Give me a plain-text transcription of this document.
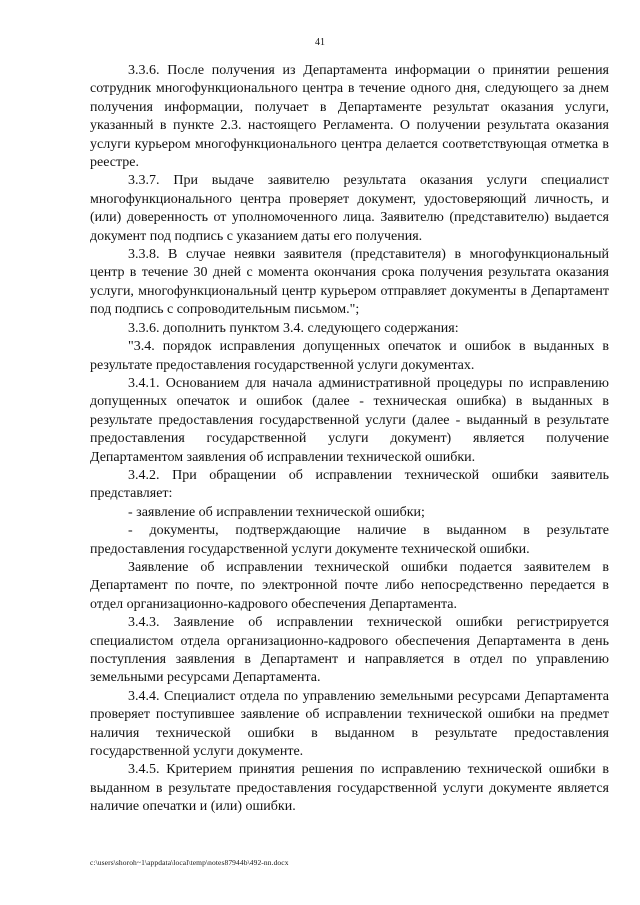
41

3.3.6. После получения из Департамента информации о принятии решения сотрудник многофункционального центра в течение одного дня, следующего за днем получения информации, получает в Департаменте результат оказания услуги, указанный в пункте 2.3. настоящего Регламента. О получении результата оказания услуги курьером многофункционального центра делается соответствующая отметка в реестре.

3.3.7. При выдаче заявителю результата оказания услуги специалист многофункционального центра проверяет документ, удостоверяющий личность, и (или) доверенность от уполномоченного лица. Заявителю (представителю) выдается документ под подпись с указанием даты его получения.

3.3.8. В случае неявки заявителя (представителя) в многофункциональный центр в течение 30 дней с момента окончания срока получения результата оказания услуги, многофункциональный центр курьером отправляет документы в Департамент под подпись с сопроводительным письмом.";

3.3.6. дополнить пунктом 3.4. следующего содержания:

"3.4. порядок исправления допущенных опечаток и ошибок в выданных в результате предоставления государственной услуги документах.

3.4.1. Основанием для начала административной процедуры по исправлению допущенных опечаток и ошибок (далее - техническая ошибка) в выданных в результате предоставления государственной услуги (далее - выданный в результате предоставления государственной услуги документ) является получение Департаментом заявления об исправлении технической ошибки.

3.4.2. При обращении об исправлении технической ошибки заявитель представляет:

- заявление об исправлении технической ошибки;

- документы, подтверждающие наличие в выданном в результате предоставления государственной услуги документе технической ошибки.

Заявление об исправлении технической ошибки подается заявителем в Департамент по почте, по электронной почте либо непосредственно передается в отдел организационно-кадрового обеспечения Департамента.

3.4.3. Заявление об исправлении технической ошибки регистрируется специалистом отдела организационно-кадрового обеспечения Департамента в день поступления заявления в Департамент и направляется в отдел по управлению земельными ресурсами Департамента.

3.4.4. Специалист отдела по управлению земельными ресурсами Департамента проверяет поступившее заявление об исправлении технической ошибки на предмет наличия технической ошибки в выданном в результате предоставления государственной услуги документе.

3.4.5. Критерием принятия решения по исправлению технической ошибки в выданном в результате предоставления государственной услуги документе является наличие опечатки и (или) ошибки.

c:\users\shoroh~1\appdata\local\temp\notes87944b\492-nn.docx
